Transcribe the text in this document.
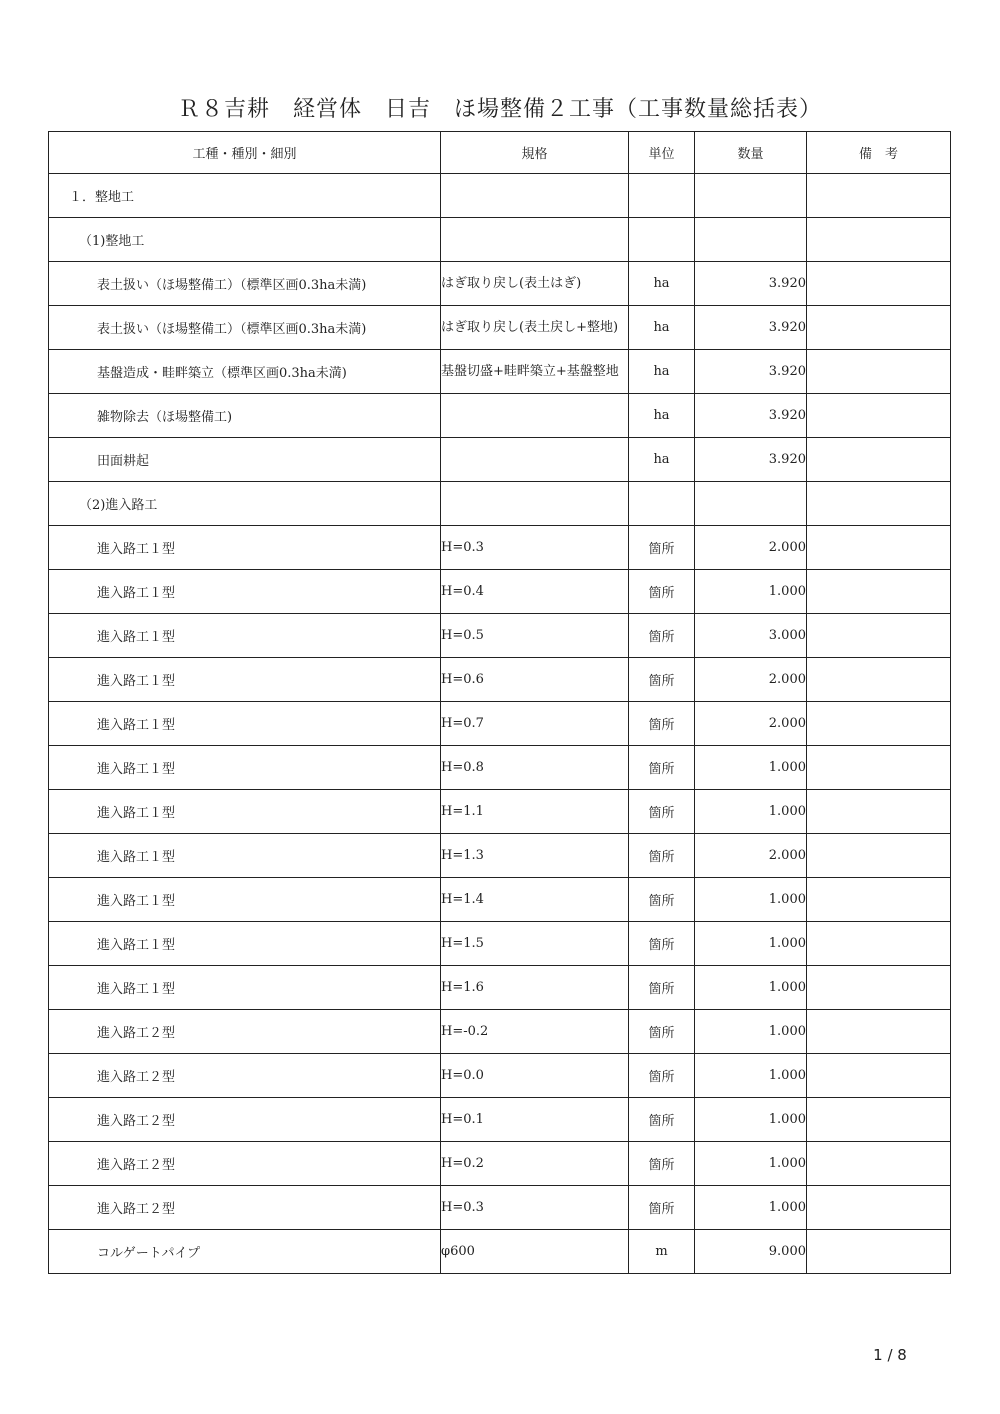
Ｒ８吉耕　経営体　日吉　ほ場整備２工事（工事数量総括表）
工種・種別・細別	規格	単位	数量	備　考
１．整地工				
（1)整地工				
表土扱い（ほ場整備工）（標準区画0.3ha未満)	はぎ取り戻し(表土はぎ)	ha	3.920	
表土扱い（ほ場整備工）（標準区画0.3ha未満)	はぎ取り戻し(表土戻し+整地)	ha	3.920	
基盤造成・畦畔築立（標準区画0.3ha未満)	基盤切盛+畦畔築立+基盤整地	ha	3.920	
雑物除去（ほ場整備工)		ha	3.920	
田面耕起		ha	3.920	
（2)進入路工				
進入路工１型	H=0.3	箇所	2.000	
進入路工１型	H=0.4	箇所	1.000	
進入路工１型	H=0.5	箇所	3.000	
進入路工１型	H=0.6	箇所	2.000	
進入路工１型	H=0.7	箇所	2.000	
進入路工１型	H=0.8	箇所	1.000	
進入路工１型	H=1.1	箇所	1.000	
進入路工１型	H=1.3	箇所	2.000	
進入路工１型	H=1.4	箇所	1.000	
進入路工１型	H=1.5	箇所	1.000	
進入路工１型	H=1.6	箇所	1.000	
進入路工２型	H=-0.2	箇所	1.000	
進入路工２型	H=0.0	箇所	1.000	
進入路工２型	H=0.1	箇所	1.000	
進入路工２型	H=0.2	箇所	1.000	
進入路工２型	H=0.3	箇所	1.000	
コルゲートパイプ	φ600	m	9.000	
1 / 8
